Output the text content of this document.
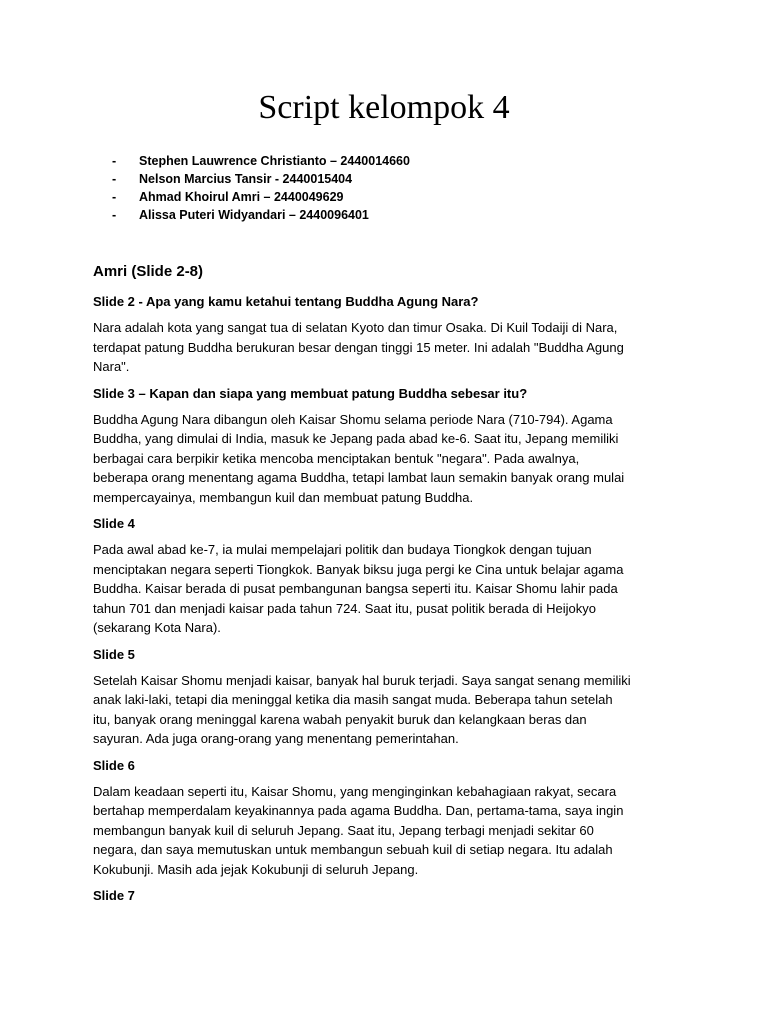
Script kelompok 4
- Stephen Lauwrence Christianto – 2440014660
- Nelson Marcius Tansir - 2440015404
- Ahmad Khoirul Amri – 2440049629
- Alissa Puteri Widyandari – 2440096401
Amri (Slide 2-8)

Slide 2 - Apa yang kamu ketahui tentang Buddha Agung Nara?

Nara adalah kota yang sangat tua di selatan Kyoto dan timur Osaka. Di Kuil Todaiji di Nara,
terdapat patung Buddha berukuran besar dengan tinggi 15 meter. Ini adalah "Buddha Agung
Nara".

Slide 3 – Kapan dan siapa yang membuat patung Buddha sebesar itu?

Buddha Agung Nara dibangun oleh Kaisar Shomu selama periode Nara (710-794). Agama
Buddha, yang dimulai di India, masuk ke Jepang pada abad ke-6. Saat itu, Jepang memiliki
berbagai cara berpikir ketika mencoba menciptakan bentuk "negara". Pada awalnya,
beberapa orang menentang agama Buddha, tetapi lambat laun semakin banyak orang mulai
mempercayainya, membangun kuil dan membuat patung Buddha.

Slide 4

Pada awal abad ke-7, ia mulai mempelajari politik dan budaya Tiongkok dengan tujuan
menciptakan negara seperti Tiongkok. Banyak biksu juga pergi ke Cina untuk belajar agama
Buddha. Kaisar berada di pusat pembangunan bangsa seperti itu. Kaisar Shomu lahir pada
tahun 701 dan menjadi kaisar pada tahun 724. Saat itu, pusat politik berada di Heijokyo
(sekarang Kota Nara).

Slide 5

Setelah Kaisar Shomu menjadi kaisar, banyak hal buruk terjadi. Saya sangat senang memiliki
anak laki-laki, tetapi dia meninggal ketika dia masih sangat muda. Beberapa tahun setelah
itu, banyak orang meninggal karena wabah penyakit buruk dan kelangkaan beras dan
sayuran. Ada juga orang-orang yang menentang pemerintahan.

Slide 6

Dalam keadaan seperti itu, Kaisar Shomu, yang menginginkan kebahagiaan rakyat, secara
bertahap memperdalam keyakinannya pada agama Buddha. Dan, pertama-tama, saya ingin
membangun banyak kuil di seluruh Jepang. Saat itu, Jepang terbagi menjadi sekitar 60
negara, dan saya memutuskan untuk membangun sebuah kuil di setiap negara. Itu adalah
Kokubunji. Masih ada jejak Kokubunji di seluruh Jepang.

Slide 7
